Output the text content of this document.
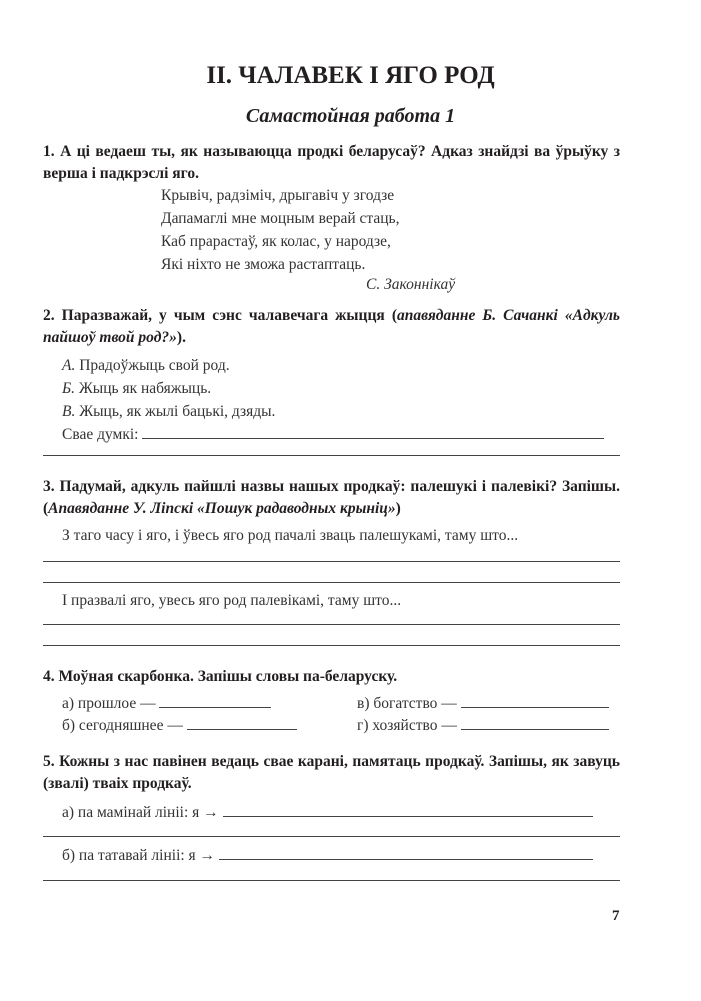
II. ЧАЛАВЕК І ЯГО РОД
Самастойная работа 1
1. А ці ведаеш ты, як называюцца продкі беларусаў? Адказ знайдзі ва ўрыўку з верша і падкрэслі яго.
Крывіч, радзіміч, дрыгавіч у згодзе
Дапамаглі мне моцным верай стаць,
Каб прарастаў, як колас, у народзе,
Які ніхто не зможа растаптаць.
С. Законнікаў
2. Паразважай, у чым сэнс чалавечага жыцця (апавяданне Б. Сачанкі «Адкуль пайшоў твой род?»).
А. Прадоўжыць свой род.
Б. Жыць як набяжыць.
В. Жыць, як жылі бацькі, дзяды.
Свае думкі:
3. Падумай, адкуль пайшлі назвы нашых продкаў: палешукі і палевікі? Запішы. (Апавяданне У. Ліпскі «Пошук радаводных крыніц»)
З таго часу і яго, і ўвесь яго род пачалі зваць палешукамі, таму што...
І празвалі яго, увесь яго род палевікамі, таму што...
4. Моўная скарбонка. Запішы словы па-беларуску.
а) прошлое —
б) сегодняшнее —
в) богатство —
г) хозяйство —
5. Кожны з нас павінен ведаць свае карані, памятаць продкаў. Запішы, як завуць (звалі) тваіх продкаў.
а) па мамінай лініі: я →
б) па татавай лініі: я →
7
